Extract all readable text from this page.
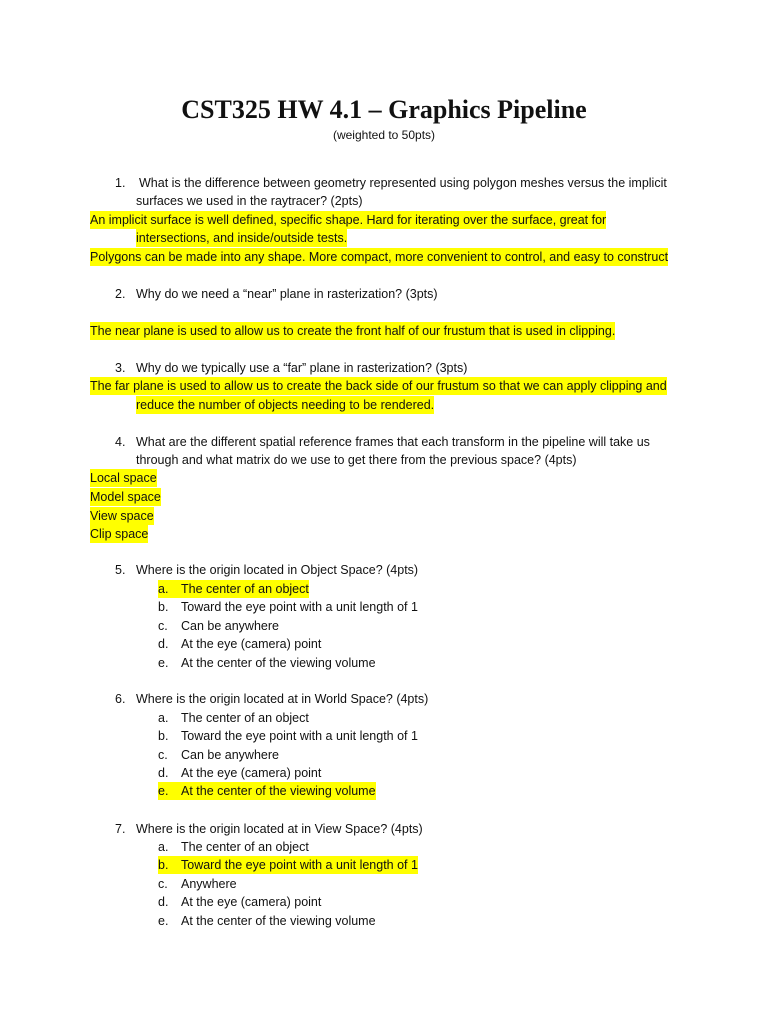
CST325 HW 4.1 – Graphics Pipeline
(weighted to 50pts)
1. What is the difference between geometry represented using polygon meshes versus the implicit
surfaces we used in the raytracer? (2pts)
An implicit surface is well defined, specific shape. Hard for iterating over the surface, great for
intersections, and inside/outside tests.
Polygons can be made into any shape. More compact, more convenient to control, and easy to construct
2. Why do we need a “near” plane in rasterization? (3pts)
The near plane is used to allow us to create the front half of our frustum that is used in clipping.
3. Why do we typically use a “far” plane in rasterization? (3pts)
The far plane is used to allow us to create the back side of our frustum so that we can apply clipping and
reduce the number of objects needing to be rendered.
4. What are the different spatial reference frames that each transform in the pipeline will take us
through and what matrix do we use to get there from the previous space? (4pts)
Local space
Model space
View space
Clip space
5. Where is the origin located in Object Space? (4pts)
a. The center of an object
b. Toward the eye point with a unit length of 1
c. Can be anywhere
d. At the eye (camera) point
e. At the center of the viewing volume
6. Where is the origin located at in World Space? (4pts)
a. The center of an object
b. Toward the eye point with a unit length of 1
c. Can be anywhere
d. At the eye (camera) point
e. At the center of the viewing volume
7. Where is the origin located at in View Space? (4pts)
a. The center of an object
b. Toward the eye point with a unit length of 1
c. Anywhere
d. At the eye (camera) point
e. At the center of the viewing volume
